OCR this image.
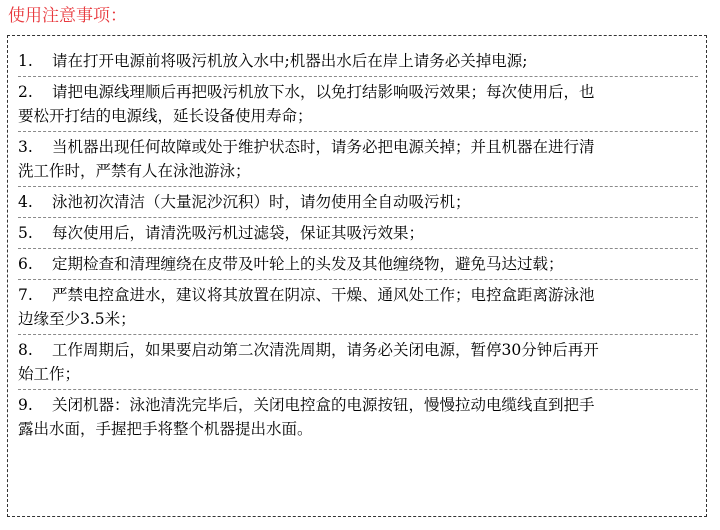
使用注意事项：
1. 请在打开电源前将吸污机放入水中;机器出水后在岸上请务必关掉电源;
2. 请把电源线理顺后再把吸污机放下水，以免打结影响吸污效果；每次使用后，也
要松开打结的电源线，延长设备使用寿命；
3. 当机器出现任何故障或处于维护状态时，请务必把电源关掉；并且机器在进行清
洗工作时，严禁有人在泳池游泳；
4. 泳池初次清洁（大量泥沙沉积）时，请勿使用全自动吸污机；
5. 每次使用后，请清洗吸污机过滤袋，保证其吸污效果；
6. 定期检查和清理缠绕在皮带及叶轮上的头发及其他缠绕物，避免马达过载；
7. 严禁电控盒进水，建议将其放置在阴凉、干燥、通风处工作；电控盒距离游泳池
边缘至少3.5米；
8. 工作周期后，如果要启动第二次清洗周期，请务必关闭电源，暂停30分钟后再开
始工作；
9. 关闭机器：泳池清洗完毕后，关闭电控盒的电源按钮，慢慢拉动电缆线直到把手
露出水面，手握把手将整个机器提出水面。
